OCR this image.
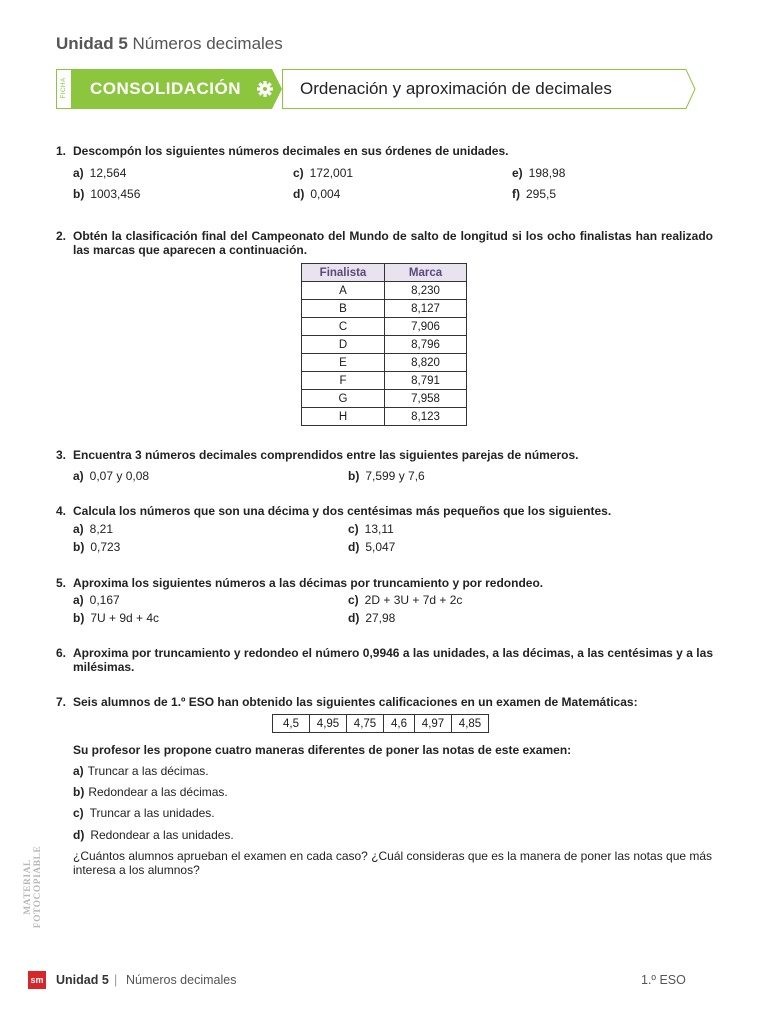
Unidad 5 Números decimales
FICHA	CONSOLIDACIÓN	Ordenación y aproximación de decimales
1. Descompón los siguientes números decimales en sus órdenes de unidades.
a) 12,564	c) 172,001	e) 198,98
b) 1003,456	d) 0,004	f) 295,5
2. Obtén la clasificación final del Campeonato del Mundo de salto de longitud si los ocho finalistas han realizado las marcas que aparecen a continuación.
Finalista	Marca
A	8,230
B	8,127
C	7,906
D	8,796
E	8,820
F	8,791
G	7,958
H	8,123
3. Encuentra 3 números decimales comprendidos entre las siguientes parejas de números.
a) 0,07 y 0,08	b) 7,599 y 7,6
4. Calcula los números que son una décima y dos centésimas más pequeños que los siguientes.
a) 8,21	c) 13,11
b) 0,723	d) 5,047
5. Aproxima los siguientes números a las décimas por truncamiento y por redondeo.
a) 0,167	c) 2D + 3U + 7d + 2c
b) 7U + 9d + 4c	d) 27,98
6. Aproxima por truncamiento y redondeo el número 0,9946 a las unidades, a las décimas, a las centésimas y a las milésimas.
7. Seis alumnos de 1.º ESO han obtenido las siguientes calificaciones en un examen de Matemáticas:
4,5	4,95	4,75	4,6	4,97	4,85
Su profesor les propone cuatro maneras diferentes de poner las notas de este examen:
a) Truncar a las décimas.
b) Redondear a las décimas.
c) Truncar a las unidades.
d) Redondear a las unidades.
¿Cuántos alumnos aprueban el examen en cada caso? ¿Cuál consideras que es la manera de poner las notas que más interesa a los alumnos?
MATERIAL FOTOCOPIABLE
sm Unidad 5 | Números decimales	1.º ESO
